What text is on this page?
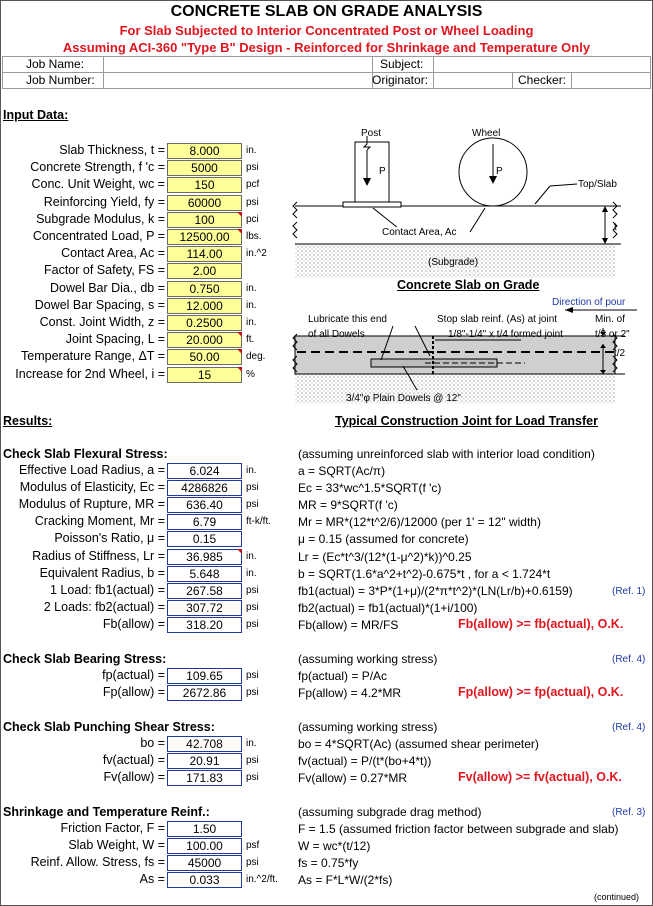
CONCRETE SLAB ON GRADE ANALYSIS
For Slab Subjected to Interior Concentrated Post or Wheel Loading
Assuming ACI-360 "Type B" Design - Reinforced for Shrinkage and Temperature Only
Job Name:	Subject:
Job Number:	Originator:	Checker:
Input Data:
Slab Thickness, t =	8.000	in.
Concrete Strength, f 'c =	5000	psi
Conc. Unit Weight, wc =	150	pcf
Reinforcing Yield, fy =	60000	psi
Subgrade Modulus, k =	100	pci
Concentrated Load, P =	12500.00	lbs.
Contact Area, Ac =	114.00	in.^2
Factor of Safety, FS =	2.00
Dowel Bar Dia., db =	0.750	in.
Dowel Bar Spacing, s =	12.000	in.
Const. Joint Width, z =	0.2500	in.
Joint Spacing, L =	20.000	ft.
Temperature Range, ΔT =	50.00	deg.
Increase for 2nd Wheel, i =	15	%
Post	Wheel
P	P
Top/Slab
t
Contact Area, Ac
(Subgrade)
Concrete Slab on Grade
Direction of pour
Lubricate this end
of all Dowels
Stop slab reinf. (As) at joint
1/8"-1/4" x t/4 formed joint
Min. of
t/3 or 2"
t/2
3/4"φ Plain Dowels @ 12"
Typical Construction Joint for Load Transfer
Results:
Check Slab Flexural Stress:	(assuming unreinforced slab with interior load condition)
Effective Load Radius, a =	6.024	in.	a = SQRT(Ac/π)
Modulus of Elasticity, Ec =	4286826	psi	Ec = 33*wc^1.5*SQRT(f 'c)
Modulus of Rupture, MR =	636.40	psi	MR = 9*SQRT(f 'c)
Cracking Moment, Mr =	6.79	ft-k/ft. Mr = MR*(12*t^2/6)/12000 (per 1' = 12" width)
Poisson's Ratio, μ =	0.15	μ = 0.15 (assumed for concrete)
Radius of Stiffness, Lr =	36.985	in.	Lr = (Ec*t^3/(12*(1-μ^2)*k))^0.25
Equivalent Radius, b =	5.648	in.	b = SQRT(1.6*a^2+t^2)-0.675*t , for a < 1.724*t
1 Load: fb1(actual) =	267.58	psi	fb1(actual) = 3*P*(1+μ)/(2*π*t^2)*(LN(Lr/b)+0.6159)	(Ref. 1)
2 Loads: fb2(actual) =	307.72	psi	fb2(actual) = fb1(actual)*(1+i/100)
Fb(allow) =	318.20	psi	Fb(allow) = MR/FS	Fb(allow) >= fb(actual), O.K.
Check Slab Bearing Stress:	(assuming working stress)	(Ref. 4)
fp(actual) =	109.65	psi	fp(actual) = P/Ac
Fp(allow) =	2672.86	psi	Fp(allow) = 4.2*MR	Fp(allow) >= fp(actual), O.K.
Check Slab Punching Shear Stress:	(assuming working stress)	(Ref. 4)
bo =	42.708	in.	bo = 4*SQRT(Ac) (assumed shear perimeter)
fv(actual) =	20.91	psi	fv(actual) = P/(t*(bo+4*t))
Fv(allow) =	171.83	psi	Fv(allow) = 0.27*MR	Fv(allow) >= fv(actual), O.K.
Shrinkage and Temperature Reinf.:	(assuming subgrade drag method)	(Ref. 3)
Friction Factor, F =	1.50	F = 1.5 (assumed friction factor between subgrade and slab)
Slab Weight, W =	100.00	psf	W = wc*(t/12)
Reinf. Allow. Stress, fs =	45000	psi	fs = 0.75*fy
As =	0.033	in.^2/ft. As = F*L*W/(2*fs)
(continued)
